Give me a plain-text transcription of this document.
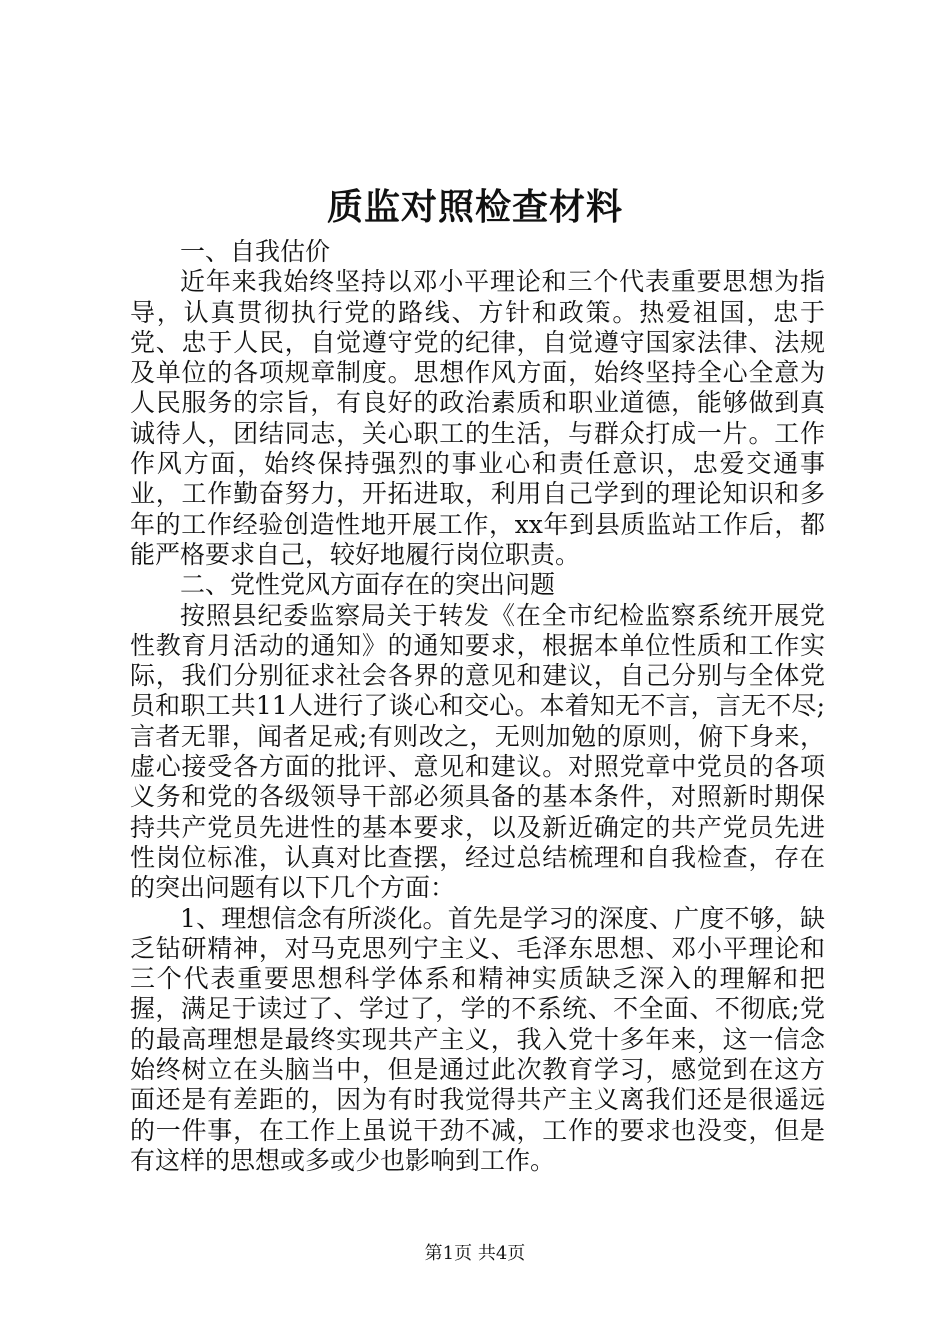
质监对照检查材料

一、自我估价

近年来我始终坚持以邓小平理论和三个代表重要思想为指导，认真贯彻执行党的路线、方针和政策。热爱祖国，忠于党、忠于人民，自觉遵守党的纪律，自觉遵守国家法律、法规及单位的各项规章制度。思想作风方面，始终坚持全心全意为人民服务的宗旨，有良好的政治素质和职业道德，能够做到真诚待人，团结同志，关心职工的生活，与群众打成一片。工作作风方面，始终保持强烈的事业心和责任意识，忠爱交通事业，工作勤奋努力，开拓进取，利用自己学到的理论知识和多年的工作经验创造性地开展工作，xx年到县质监站工作后，都能严格要求自己，较好地履行岗位职责。

二、党性党风方面存在的突出问题

按照县纪委监察局关于转发《在全市纪检监察系统开展党性教育月活动的通知》的通知要求，根据本单位性质和工作实际，我们分别征求社会各界的意见和建议，自己分别与全体党员和职工共11人进行了谈心和交心。本着知无不言，言无不尽;言者无罪，闻者足戒;有则改之，无则加勉的原则，俯下身来，虚心接受各方面的批评、意见和建议。对照党章中党员的各项义务和党的各级领导干部必须具备的基本条件，对照新时期保持共产党员先进性的基本要求，以及新近确定的共产党员先进性岗位标准，认真对比查摆，经过总结梳理和自我检查，存在的突出问题有以下几个方面：

1、理想信念有所淡化。首先是学习的深度、广度不够，缺乏钻研精神，对马克思列宁主义、毛泽东思想、邓小平理论和三个代表重要思想科学体系和精神实质缺乏深入的理解和把握，满足于读过了、学过了，学的不系统、不全面、不彻底;党的最高理想是最终实现共产主义，我入党十多年来，这一信念始终树立在头脑当中，但是通过此次教育学习，感觉到在这方面还是有差距的，因为有时我觉得共产主义离我们还是很遥远的一件事，在工作上虽说干劲不减，工作的要求也没变，但是有这样的思想或多或少也影响到工作。

第1页 共4页
